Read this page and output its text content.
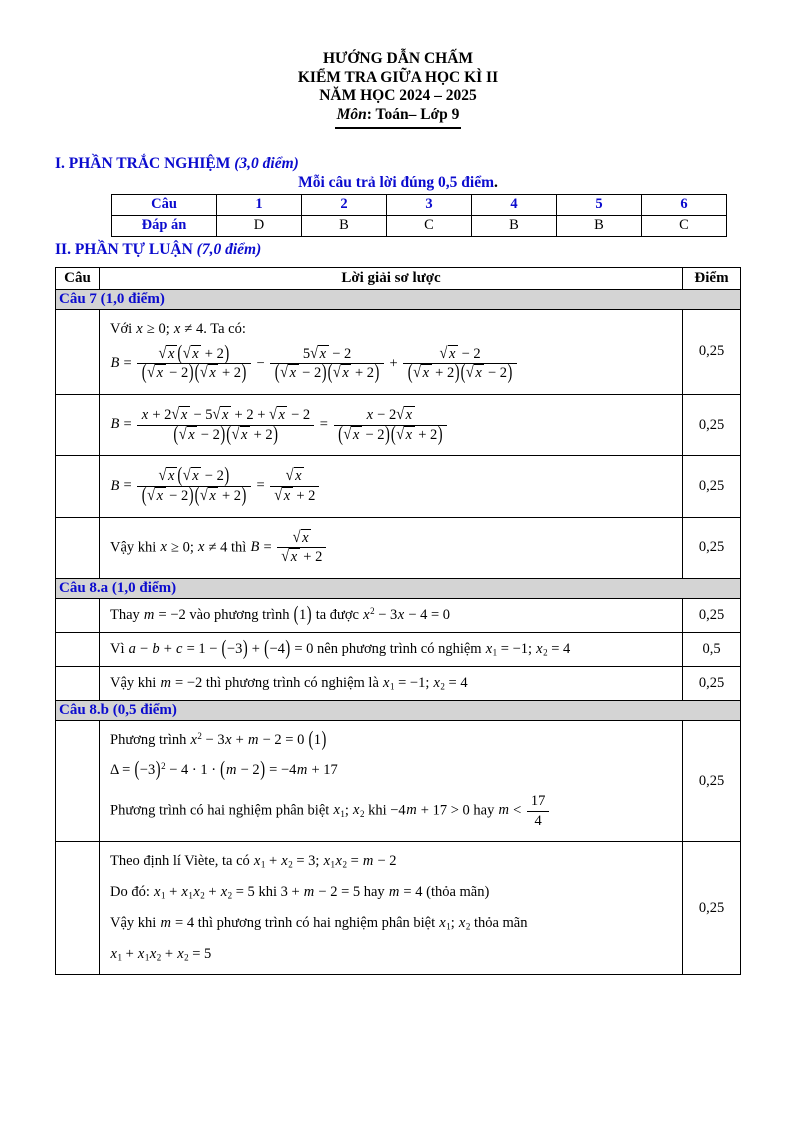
HƯỚNG DẪN CHẤM
KIỂM TRA GIỮA HỌC KÌ II
NĂM HỌC 2024 – 2025
Môn: Toán– Lớp 9
I. PHẦN TRẮC NGHIỆM (3,0 điểm)
Mỗi câu trả lời đúng 0,5 điểm.
Câu	1	2	3	4	5	6
Đáp án	D	B	C	B	B	C
II. PHẦN TỰ LUẬN (7,0 điểm)
Câu	Lời giải sơ lược	Điểm
Câu 7 (1,0 điểm)		

Với x ≥ 0; x ≠ 4. Ta có:
$B = \frac{√ x (√ x + 2)}{(√ x - 2)(√ x + 2)} - \frac{5√ x - 2}{(√ x - 2)(√ x + 2)} + \frac{√ x - 2}{(√ x + 2)(√ x - 2)}$	0,25

$B = \frac{x + 2√ x - 5√ x + 2 + √ x - 2}{(√ x - 2)(√ x + 2)} = \frac{x - 2√ x}{(√ x - 2)(√ x + 2)}$	0,25

$B = \frac{√ x (√ x - 2)}{(√ x - 2)(√ x + 2)} = \frac{√ x}{√ x + 2}$	0,25

	Vậy khi x ≥ 0; x ≠ 4 thì $B = \frac{√ x}{√ x + 2}$	0,25
Câu 8.a (1,0 điểm)		

	Thay m = −2 vào phương trình (1) ta được $x^2 - 3x - 4 = 0$	0,25

	Vì a − b + c = 1 − (−3) + (−4) = 0 nên phương trình có nghiệm $x_1 = -1$; $x_2 = 4$	0,5

	Vậy khi m = −2 thì phương trình có nghiệm là $x_1 = -1$; $x_2 = 4$	0,25
Câu 8.b (0,5 điểm)		

	Phương trình $x^2 - 3x + m - 2 = 0$ (1)
$\Delta = (-3)^2 - 4 \cdot 1 \cdot (m - 2) = -4m + 17$
Phương trình có hai nghiệm phân biệt $x_1$; $x_2$ khi −4m + 17 > 0 hay $m < \frac{17}{4}$	0,25

	Theo định lí Viète, ta có $x_1 + x_2 = 3$; $x_1x_2 = m - 2$
Do đó: $x_1 + x_1x_2 + x_2 = 5$ khi 3 + m − 2 = 5 hay m = 4 (thỏa mãn)
Vậy khi m = 4 thì phương trình có hai nghiệm phân biệt $x_1$; $x_2$ thỏa mãn
$x_1 + x_1x_2 + x_2 = 5$	0,25
